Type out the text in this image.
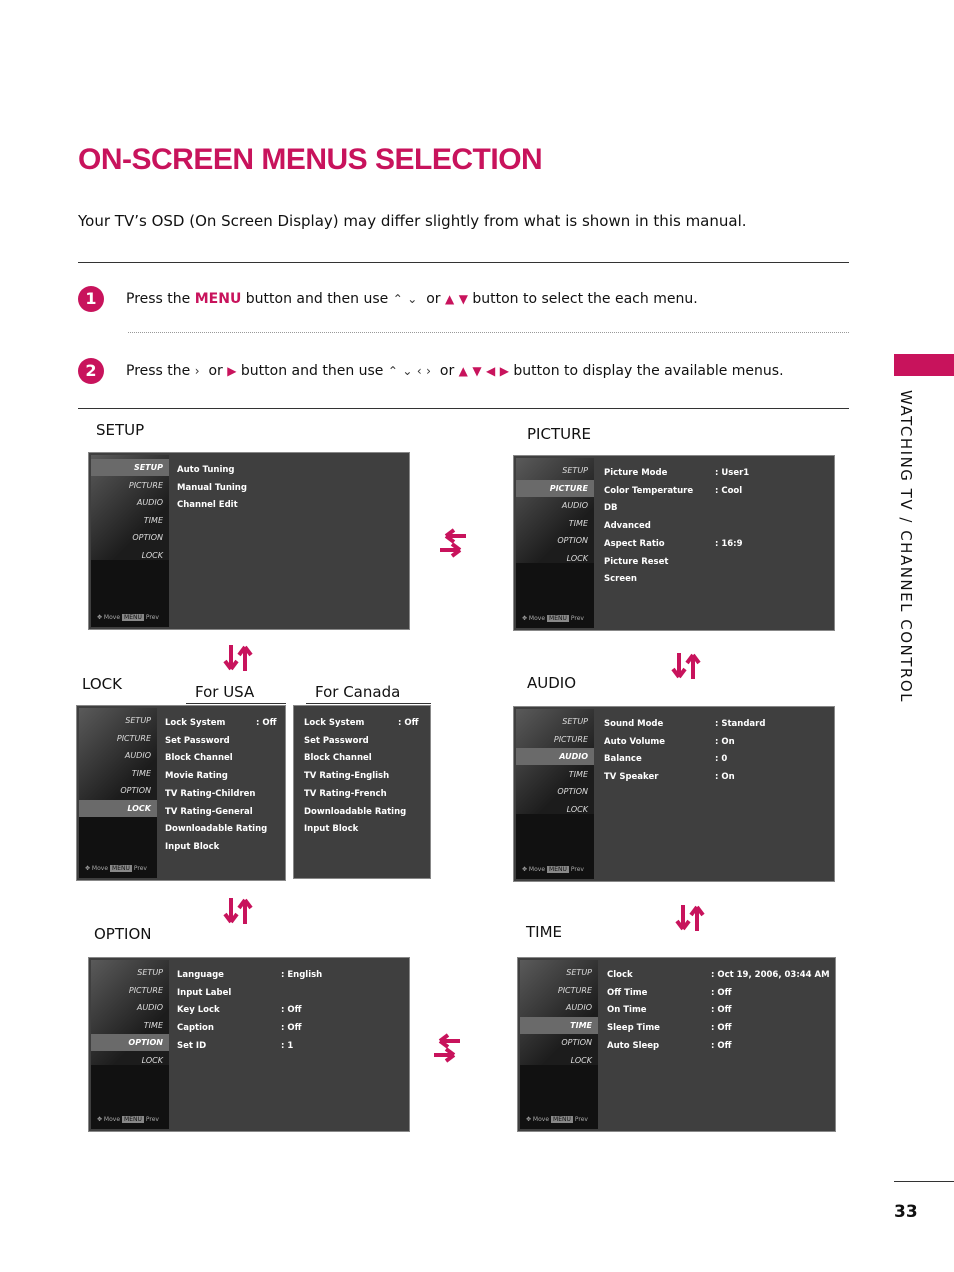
ON-SCREEN MENUS SELECTION
Your TV’s OSD (On Screen Display) may differ slightly from what is shown in this manual.
1	Press the MENU button and then use ⌃ ⌄ or ▲ ▼ button to select the each menu.
2	Press the › or ▶ button and then use ⌃ ⌄ ‹ › or ▲ ▼ ◀ ▶ button to display the available menus.
WATCHING TV / CHANNEL CONTROL
33
SETUP	PICTURE
LOCK	For USA	For Canada	AUDIO
OPTION	TIME
SETUP
PICTURE
AUDIO
TIME
OPTION
LOCK
✥ Move MENU Prev
Auto Tuning
Manual Tuning
Channel Edit
SETUP
PICTURE
AUDIO
TIME
OPTION
LOCK
✥ Move MENU Prev
Picture Mode	: User1
Color Temperature	: Cool
DB
Advanced
Aspect Ratio	: 16:9
Picture Reset
Screen
SETUP
PICTURE
AUDIO
TIME
OPTION
LOCK
✥ Move MENU Prev
Lock System	: Off
Set Password
Block Channel
Movie Rating
TV Rating-Children
TV Rating-General
Downloadable Rating
Input Block
Lock System	: Off
Set Password
Block Channel
TV Rating-English
TV Rating-French
Downloadable Rating
Input Block
SETUP
PICTURE
AUDIO
TIME
OPTION
LOCK
✥ Move MENU Prev
Sound Mode	: Standard
Auto Volume	: On
Balance	: 0
TV Speaker	: On
SETUP
PICTURE
AUDIO
TIME
OPTION
LOCK
✥ Move MENU Prev
Language	: English
Input Label
Key Lock	: Off
Caption	: Off
Set ID	: 1
SETUP
PICTURE
AUDIO
TIME
OPTION
LOCK
✥ Move MENU Prev
Clock	: Oct 19, 2006, 03:44 AM
Off Time	: Off
On Time	: Off
Sleep Time	: Off
Auto Sleep	: Off
